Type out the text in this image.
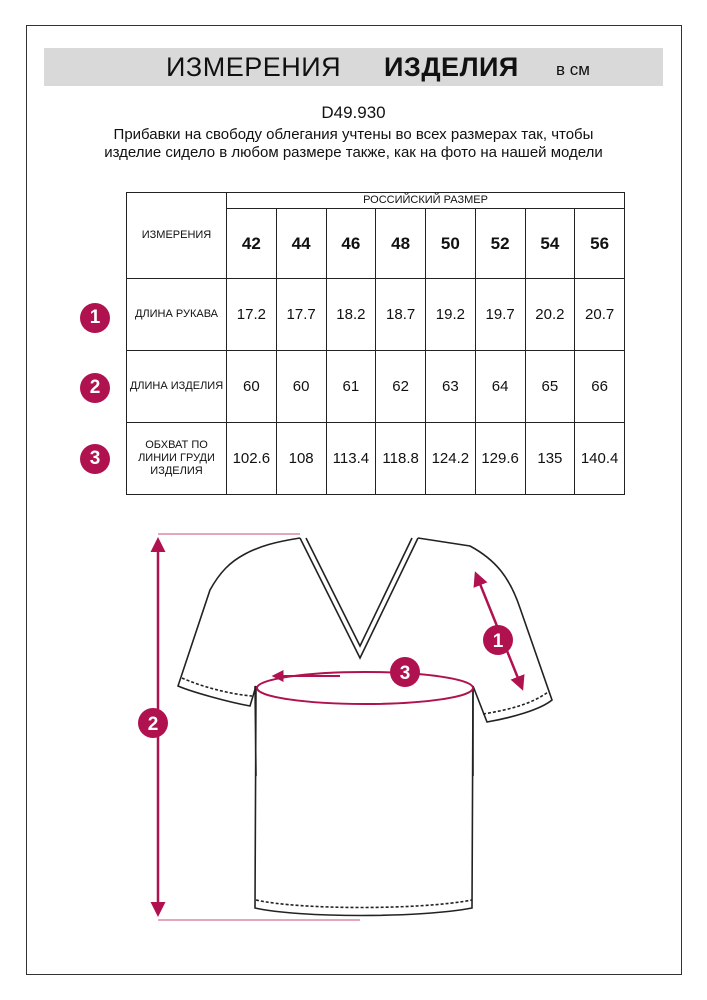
ИЗМЕРЕНИЯ ИЗДЕЛИЯ в см
D49.930
Прибавки на свободу облегания учтены во всех размерах так, чтобы изделие сидело в любом размере также, как на фото на нашей модели
ИЗМЕРЕНИЯ	РОССИЙСКИЙ РАЗМЕР							
	42	44	46	48	50	52	54	56
ДЛИНА РУКАВА	17.2	17.7	18.2	18.7	19.2	19.7	20.2	20.7
ДЛИНА ИЗДЕЛИЯ	60	60	61	62	63	64	65	66
ОБХВАТ ПО ЛИНИИ ГРУДИ ИЗДЕЛИЯ	102.6	108	113.4	118.8	124.2	129.6	135	140.4
1
2
3
2
3
1
